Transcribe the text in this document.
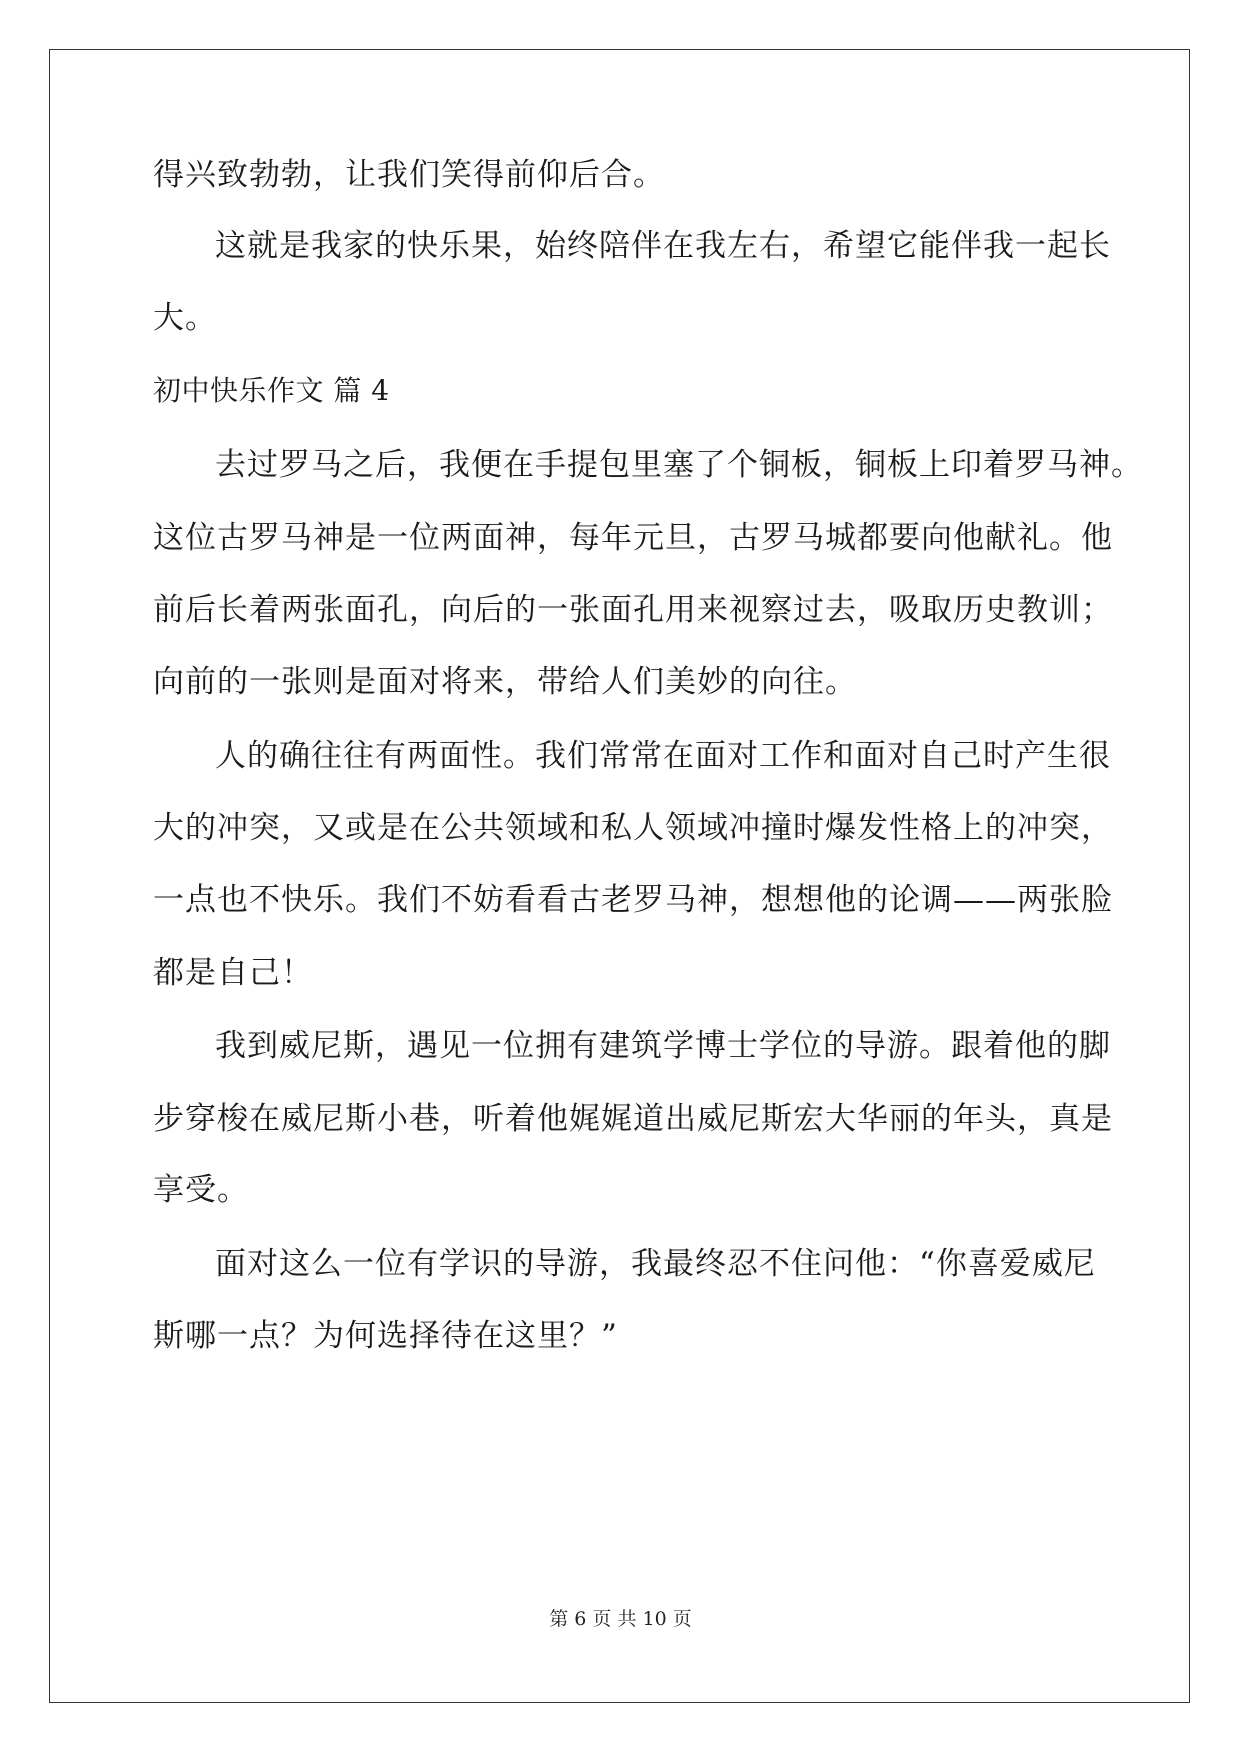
得兴致勃勃，让我们笑得前仰后合。
这就是我家的快乐果，始终陪伴在我左右，希望它能伴我一起长
大。
初中快乐作文 篇 4
去过罗马之后，我便在手提包里塞了个铜板，铜板上印着罗马神。
这位古罗马神是一位两面神，每年元旦，古罗马城都要向他献礼。他
前后长着两张面孔，向后的一张面孔用来视察过去，吸取历史教训；
向前的一张则是面对将来，带给人们美妙的向往。
人的确往往有两面性。我们常常在面对工作和面对自己时产生很
大的冲突，又或是在公共领域和私人领域冲撞时爆发性格上的冲突，
一点也不快乐。我们不妨看看古老罗马神，想想他的论调——两张脸
都是自己！
我到威尼斯，遇见一位拥有建筑学博士学位的导游。跟着他的脚
步穿梭在威尼斯小巷，听着他娓娓道出威尼斯宏大华丽的年头，真是
享受。
面对这么一位有学识的导游，我最终忍不住问他：“你喜爱威尼
斯哪一点？为何选择待在这里？”
第 6 页 共 10 页
